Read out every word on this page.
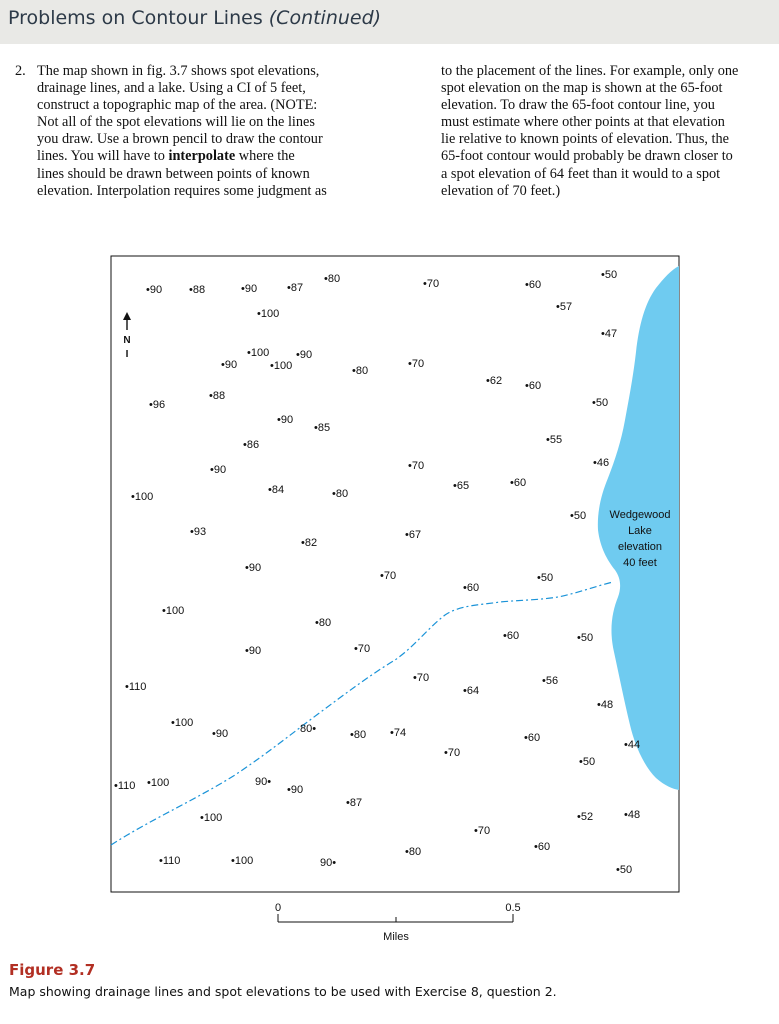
Problems on Contour Lines (Continued)
2. The map shown in fig. 3.7 shows spot elevations,
drainage lines, and a lake. Using a CI of 5 feet,
construct a topographic map of the area. (NOTE:
Not all of the spot elevations will lie on the lines
you draw. Use a brown pencil to draw the contour
lines. You will have to interpolate where the
lines should be drawn between points of known
elevation. Interpolation requires some judgment as
to the placement of the lines. For example, only one
spot elevation on the map is shown at the 65-foot
elevation. To draw the 65-foot contour line, you
must estimate where other points at that elevation
lie relative to known points of elevation. Thus, the
65-foot contour would probably be drawn closer to
a spot elevation of 64 feet than it would to a spot
elevation of 70 feet.)
N
I
Wedgewood
Lake
elevation
40 feet
•90 •88	•90	•87
•80	•70	•60
•50
•57
•100
•47
•100 •90
•90	•100	•80
•70
•62 •60
•88
•96	•50
•90
•85
•55
•86
•70	•46
•90
•84	•65	•60
•100	•80
•50
•93	•67
•82
•90
•70	•50
•60
•100
•80
•60	•50
•90	•70
•70	•56
•110	•64
•48
•100	80•
•90	•80 •74	•60
•44
•70
•50
90•
•110 •100
•90
•87
•100	•52	•48
•70
•60
•80
•110	•100	90•
•50
0	0.5
Miles
Figure 3.7
Map showing drainage lines and spot elevations to be used with Exercise 8, question 2.
